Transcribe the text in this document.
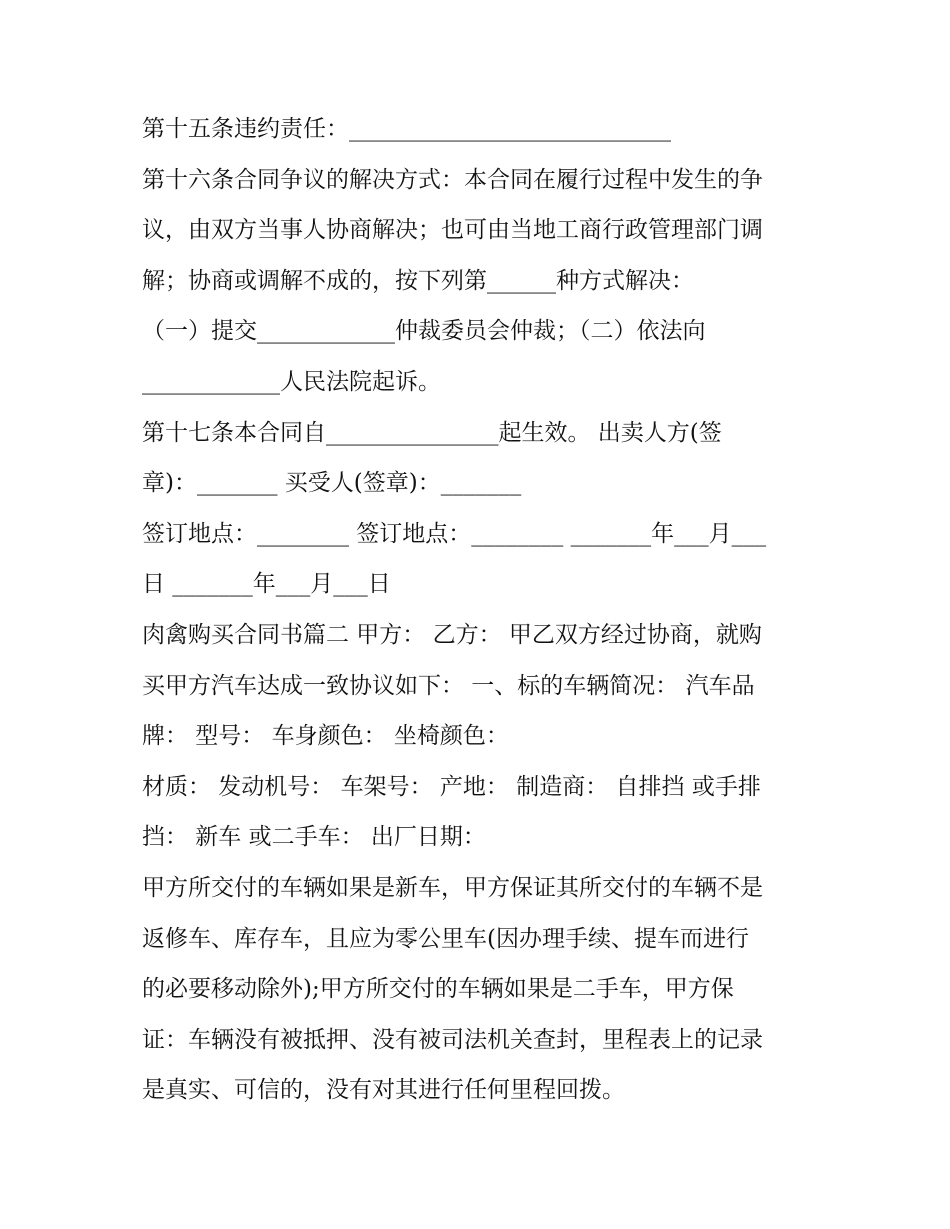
第十五条违约责任：____________________________
第十六条合同争议的解决方式：本合同在履行过程中发生的争
议，由双方当事人协商解决；也可由当地工商行政管理部门调
解；协商或调解不成的，按下列第______种方式解决：
（一）提交____________仲裁委员会仲裁；（二）依法向
____________人民法院起诉。
第十七条本合同自_______________起生效。 出卖人方(签
章)：_______ 买受人(签章)：_______
签订地点：________ 签订地点：________ _______年___月___
日 _______年___月___日
肉禽购买合同书篇二 甲方： 乙方： 甲乙双方经过协商，就购
买甲方汽车达成一致协议如下： 一、标的车辆简况： 汽车品
牌： 型号： 车身颜色： 坐椅颜色：
材质： 发动机号： 车架号： 产地： 制造商： 自排挡 或手排
挡： 新车 或二手车： 出厂日期：
甲方所交付的车辆如果是新车，甲方保证其所交付的车辆不是
返修车、库存车，且应为零公里车(因办理手续、提车而进行
的必要移动除外);甲方所交付的车辆如果是二手车，甲方保
证：车辆没有被抵押、没有被司法机关查封，里程表上的记录
是真实、可信的，没有对其进行任何里程回拨。
